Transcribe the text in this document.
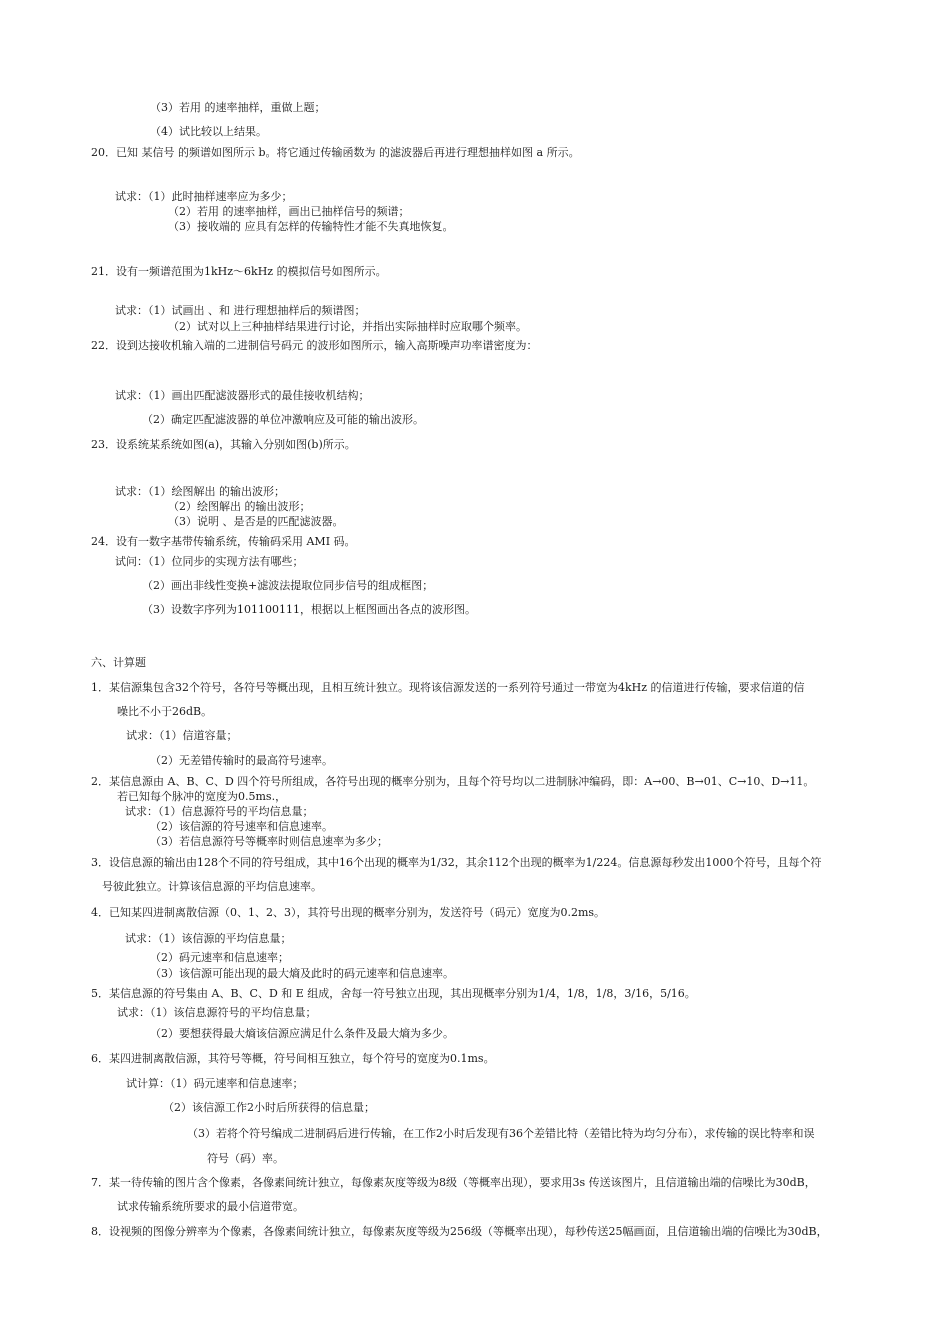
（3）若用 的速率抽样，重做上题；
（4）试比较以上结果。
20．已知 某信号 的频谱如图所示 b。将它通过传输函数为 的滤波器后再进行理想抽样如图 a 所示。
试求：（1）此时抽样速率应为多少；
（2）若用 的速率抽样，画出已抽样信号的频谱；
（3）接收端的 应具有怎样的传输特性才能不失真地恢复。
21．设有一频谱范围为1kHz～6kHz 的模拟信号如图所示。
试求：（1）试画出 、和 进行理想抽样后的频谱图；
（2）试对以上三种抽样结果进行讨论，并指出实际抽样时应取哪个频率。
22．设到达接收机输入端的二进制信号码元 的波形如图所示，输入高斯噪声功率谱密度为：
试求：（1）画出匹配滤波器形式的最佳接收机结构；
（2）确定匹配滤波器的单位冲激响应及可能的输出波形。
23．设系统某系统如图(a)，其输入分别如图(b)所示。
试求：（1）绘图解出 的输出波形；
（2）绘图解出 的输出波形；
（3）说明 、是否是的匹配滤波器。
24．设有一数字基带传输系统，传输码采用 AMI 码。
试问：（1）位同步的实现方法有哪些；
（2）画出非线性变换+滤波法提取位同步信号的组成框图；
（3）设数字序列为101100111，根据以上框图画出各点的波形图。
六、计算题
1．某信源集包含32个符号，各符号等概出现，且相互统计独立。现将该信源发送的一系列符号通过一带宽为4kHz 的信道进行传输，要求信道的信
噪比不小于26dB。
试求：（1）信道容量；
（2）无差错传输时的最高符号速率。
2．某信息源由 A、B、C、D 四个符号所组成，各符号出现的概率分别为，且每个符号均以二进制脉冲编码，即：A→00、B→01、C→10、D→11。
若已知每个脉冲的宽度为0.5ms.，
试求：（1）信息源符号的平均信息量；
（2）该信源的符号速率和信息速率。
（3）若信息源符号等概率时则信息速率为多少；
3．设信息源的输出由128个不同的符号组成，其中16个出现的概率为1/32，其余112个出现的概率为1/224。信息源每秒发出1000个符号，且每个符
号彼此独立。计算该信息源的平均信息速率。
4．已知某四进制离散信源（0、1、2、3），其符号出现的概率分别为，发送符号（码元）宽度为0.2ms。
试求：（1）该信源的平均信息量；
（2）码元速率和信息速率；
（3）该信源可能出现的最大熵及此时的码元速率和信息速率。
5．某信息源的符号集由 A、B、C、D 和 E 组成，舍每一符号独立出现，其出现概率分别为1/4，1/8，1/8，3/16，5/16。
试求：（1）该信息源符号的平均信息量；
（2）要想获得最大熵该信源应满足什么条件及最大熵为多少。
6．某四进制离散信源，其符号等概，符号间相互独立，每个符号的宽度为0.1ms。
试计算：（1）码元速率和信息速率；
（2）该信源工作2小时后所获得的信息量；
（3）若将个符号编成二进制码后进行传输，在工作2小时后发现有36个差错比特（差错比特为均匀分布），求传输的误比特率和误
符号（码）率。
7．某一待传输的图片含个像素，各像素间统计独立，每像素灰度等级为8级（等概率出现），要求用3s 传送该图片，且信道输出端的信噪比为30dB，
试求传输系统所要求的最小信道带宽。
8．设视频的图像分辨率为个像素，各像素间统计独立，每像素灰度等级为256级（等概率出现），每秒传送25幅画面，且信道输出端的信噪比为30dB，
